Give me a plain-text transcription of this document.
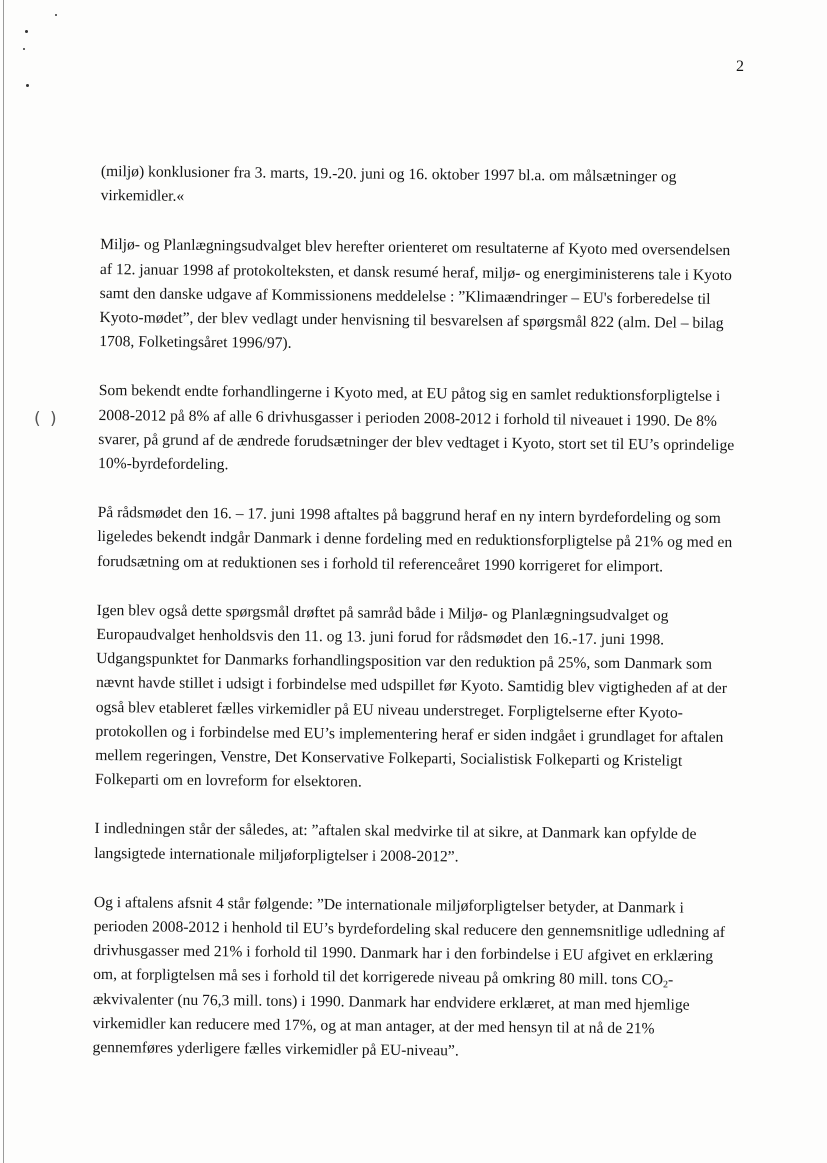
( )
2

(miljø) konklusioner fra 3. marts, 19.-20. juni og 16. oktober 1997 bl.a. om målsætninger og virkemidler.«

Miljø- og Planlægningsudvalget blev herefter orienteret om resultaterne af Kyoto med oversendelsen af 12. januar 1998 af protokolteksten, et dansk resumé heraf, miljø- og energiministerens tale i Kyoto samt den danske udgave af Kommissionens meddelelse : ”Klimaændringer – EU's forberedelse til Kyoto-mødet”, der blev vedlagt under henvisning til besvarelsen af spørgsmål 822 (alm. Del – bilag 1708, Folketingsåret 1996/97).

Som bekendt endte forhandlingerne i Kyoto med, at EU påtog sig en samlet reduktionsforpligtelse i 2008-2012 på 8% af alle 6 drivhusgasser i perioden 2008-2012 i forhold til niveauet i 1990. De 8% svarer, på grund af de ændrede forudsætninger der blev vedtaget i Kyoto, stort set til EU’s oprindelige 10%-byrdefordeling.

På rådsmødet den 16. – 17. juni 1998 aftaltes på baggrund heraf en ny intern byrdefordeling og som ligeledes bekendt indgår Danmark i denne fordeling med en reduktionsforpligtelse på 21% og med en forudsætning om at reduktionen ses i forhold til referenceåret 1990 korrigeret for elimport.

Igen blev også dette spørgsmål drøftet på samråd både i Miljø- og Planlægningsudvalget og Europaudvalget henholdsvis den 11. og 13. juni forud for rådsmødet den 16.-17. juni 1998. Udgangspunktet for Danmarks forhandlingsposition var den reduktion på 25%, som Danmark som nævnt havde stillet i udsigt i forbindelse med udspillet før Kyoto. Samtidig blev vigtigheden af at der også blev etableret fælles virkemidler på EU niveau understreget. Forpligtelserne efter Kyoto-protokollen og i forbindelse med EU’s implementering heraf er siden indgået i grundlaget for aftalen mellem regeringen, Venstre, Det Konservative Folkeparti, Socialistisk Folkeparti og Kristeligt Folkeparti om en lovreform for elsektoren.

I indledningen står der således, at: ”aftalen skal medvirke til at sikre, at Danmark kan opfylde de langsigtede internationale miljøforpligtelser i 2008-2012”.

Og i aftalens afsnit 4 står følgende: ”De internationale miljøforpligtelser betyder, at Danmark i perioden 2008-2012 i henhold til EU’s byrdefordeling skal reducere den gennemsnitlige udledning af drivhusgasser med 21% i forhold til 1990. Danmark har i den forbindelse i EU afgivet en erklæring om, at forpligtelsen må ses i forhold til det korrigerede niveau på omkring 80 mill. tons $CO_2$-ækvivalenter (nu 76,3 mill. tons) i 1990. Danmark har endvidere erklæret, at man med hjemlige virkemidler kan reducere med 17%, og at man antager, at der med hensyn til at nå de 21% gennemføres yderligere fælles virkemidler på EU-niveau”.
